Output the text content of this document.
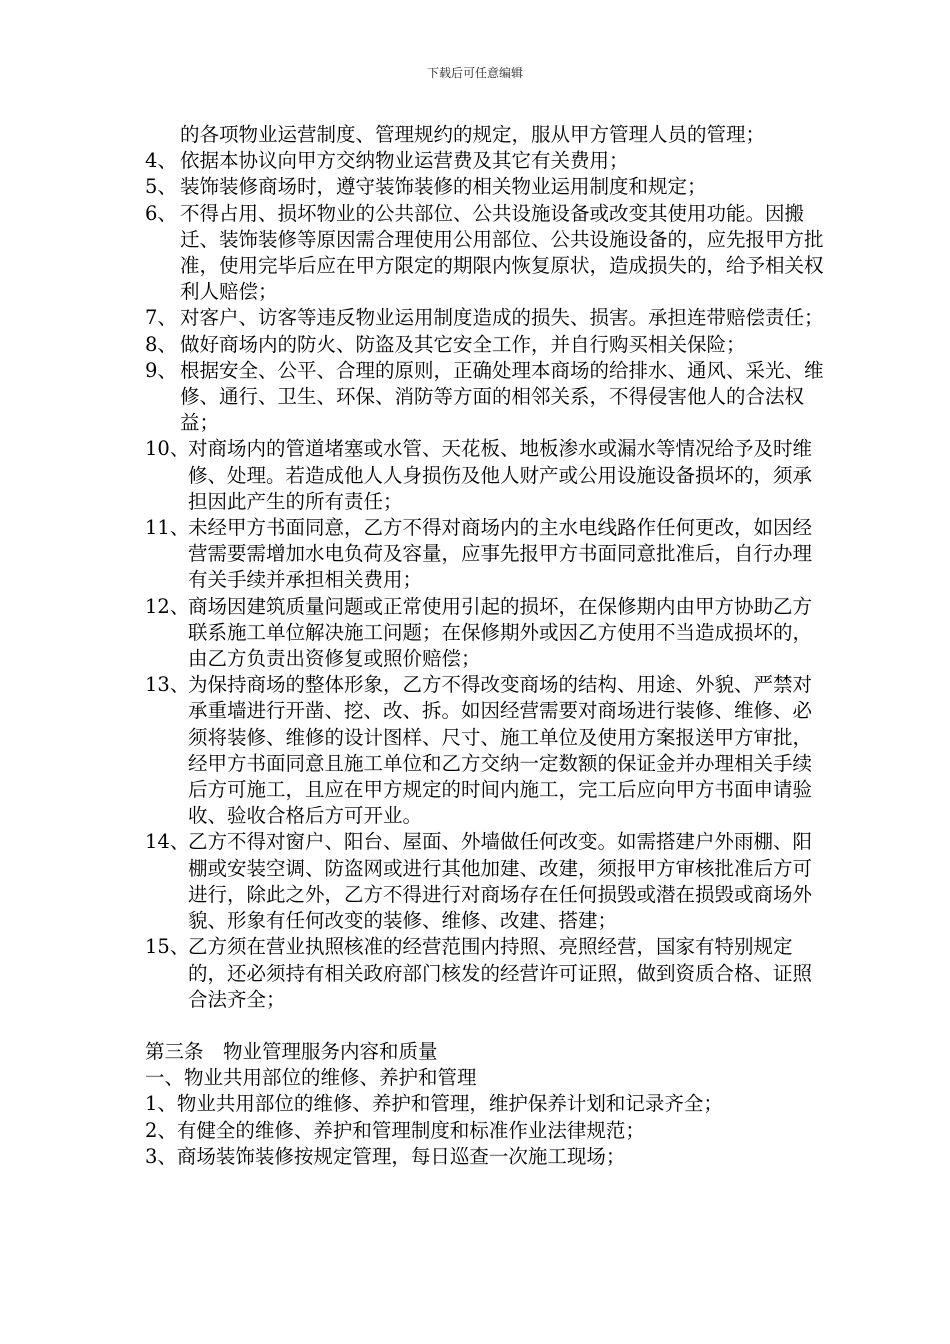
下载后可任意编辑
的各项物业运营制度、管理规约的规定，服从甲方管理人员的管理；
4、 依据本协议向甲方交纳物业运营费及其它有关费用；
5、 装饰装修商场时，遵守装饰装修的相关物业运用制度和规定；
6、 不得占用、损坏物业的公共部位、公共设施设备或改变其使用功能。因搬迁、装饰装修等原因需合理使用公用部位、公共设施设备的，应先报甲方批准，使用完毕后应在甲方限定的期限内恢复原状，造成损失的，给予相关权利人赔偿；
7、 对客户、访客等违反物业运用制度造成的损失、损害。承担连带赔偿责任；
8、 做好商场内的防火、防盗及其它安全工作，并自行购买相关保险；
9、 根据安全、公平、合理的原则，正确处理本商场的给排水、通风、采光、维修、通行、卫生、环保、消防等方面的相邻关系，不得侵害他人的合法权益；
10、
对商场内的管道堵塞或水管、天花板、地板渗水或漏水等情况给予及时维修、处理。若造成他人人身损伤及他人财产或公用设施设备损坏的，须承担因此产生的所有责任；
11、
未经甲方书面同意，乙方不得对商场内的主水电线路作任何更改，如因经营需要需增加水电负荷及容量，应事先报甲方书面同意批准后，自行办理有关手续并承担相关费用；
12、
商场因建筑质量问题或正常使用引起的损坏，在保修期内由甲方协助乙方联系施工单位解决施工问题；在保修期外或因乙方使用不当造成损坏的，由乙方负责出资修复或照价赔偿；
13、
为保持商场的整体形象，乙方不得改变商场的结构、用途、外貌、严禁对承重墙进行开凿、挖、改、拆。如因经营需要对商场进行装修、维修、必须将装修、维修的设计图样、尺寸、施工单位及使用方案报送甲方审批，经甲方书面同意且施工单位和乙方交纳一定数额的保证金并办理相关手续后方可施工，且应在甲方规定的时间内施工，完工后应向甲方书面申请验收、验收合格后方可开业。
14、
乙方不得对窗户、阳台、屋面、外墙做任何改变。如需搭建户外雨棚、阳棚或安装空调、防盗网或进行其他加建、改建，须报甲方审核批准后方可进行，除此之外，乙方不得进行对商场存在任何损毁或潜在损毁或商场外貌、形象有任何改变的装修、维修、改建、搭建；
15、
乙方须在营业执照核准的经营范围内持照、亮照经营，国家有特别规定的，还必须持有相关政府部门核发的经营许可证照，做到资质合格、证照合法齐全；
第三条　物业管理服务内容和质量
一、物业共用部位的维修、养护和管理
1、物业共用部位的维修、养护和管理，维护保养计划和记录齐全；
2、有健全的维修、养护和管理制度和标准作业法律规范；
3、商场装饰装修按规定管理，每日巡查一次施工现场；
